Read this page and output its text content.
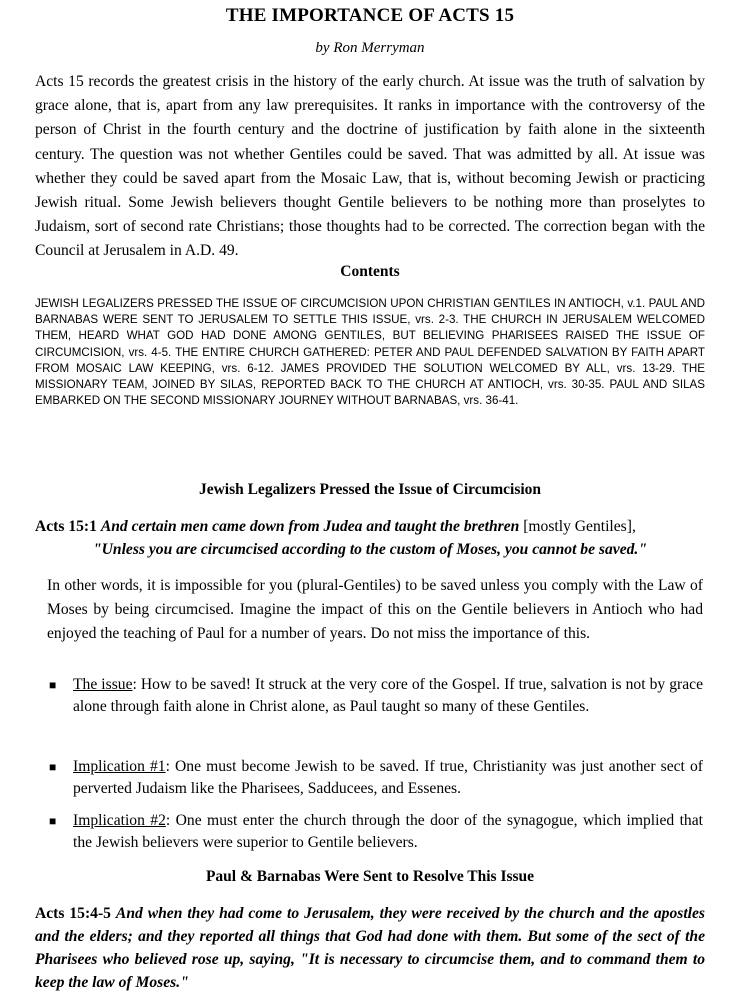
THE IMPORTANCE OF ACTS 15
by Ron Merryman

Acts 15 records the greatest crisis in the history of the early church. At issue was the truth of salvation by grace alone, that is, apart from any law prerequisites. It ranks in importance with the controversy of the person of Christ in the fourth century and the doctrine of justification by faith alone in the sixteenth century. The question was not whether Gentiles could be saved. That was admitted by all. At issue was whether they could be saved apart from the Mosaic Law, that is, without becoming Jewish or practicing Jewish ritual. Some Jewish believers thought Gentile believers to be nothing more than proselytes to Judaism, sort of second rate Christians; those thoughts had to be corrected. The correction began with the Council at Jerusalem in A.D. 49.

Contents

JEWISH LEGALIZERS PRESSED THE ISSUE OF CIRCUMCISION UPON CHRISTIAN GENTILES IN ANTIOCH, v.1. PAUL AND BARNABAS WERE SENT TO JERUSALEM TO SETTLE THIS ISSUE, vrs. 2-3. THE CHURCH IN JERUSALEM WELCOMED THEM, HEARD WHAT GOD HAD DONE AMONG GENTILES, BUT BELIEVING PHARISEES RAISED THE ISSUE OF CIRCUMCISION, vrs. 4-5. THE ENTIRE CHURCH GATHERED: PETER AND PAUL DEFENDED SALVATION BY FAITH APART FROM MOSAIC LAW KEEPING, vrs. 6-12. JAMES PROVIDED THE SOLUTION WELCOMED BY ALL, vrs. 13-29. THE MISSIONARY TEAM, JOINED BY SILAS, REPORTED BACK TO THE CHURCH AT ANTIOCH, vrs. 30-35. PAUL AND SILAS EMBARKED ON THE SECOND MISSIONARY JOURNEY WITHOUT BARNABAS, vrs. 36-41.

Jewish Legalizers Pressed the Issue of Circumcision

Acts 15:1 And certain men came down from Judea and taught the brethren [mostly Gentiles],
"Unless you are circumcised according to the custom of Moses, you cannot be saved."

In other words, it is impossible for you (plural-Gentiles) to be saved unless you comply with the Law of Moses by being circumcised. Imagine the impact of this on the Gentile believers in Antioch who had enjoyed the teaching of Paul for a number of years. Do not miss the importance of this.

■ The issue: How to be saved! It struck at the very core of the Gospel. If true, salvation is not by grace alone through faith alone in Christ alone, as Paul taught so many of these Gentiles.
■ Implication #1: One must become Jewish to be saved. If true, Christianity was just another sect of perverted Judaism like the Pharisees, Sadducees, and Essenes.
■ Implication #2: One must enter the church through the door of the synagogue, which implied that the Jewish believers were superior to Gentile believers.
Paul & Barnabas Were Sent to Resolve This Issue

Acts 15:4-5 And when they had come to Jerusalem, they were received by the church and the apostles and the elders; and they reported all things that God had done with them. But some of the sect of the Pharisees who believed rose up, saying, "It is necessary to circumcise them, and to command them to keep the law of Moses."
